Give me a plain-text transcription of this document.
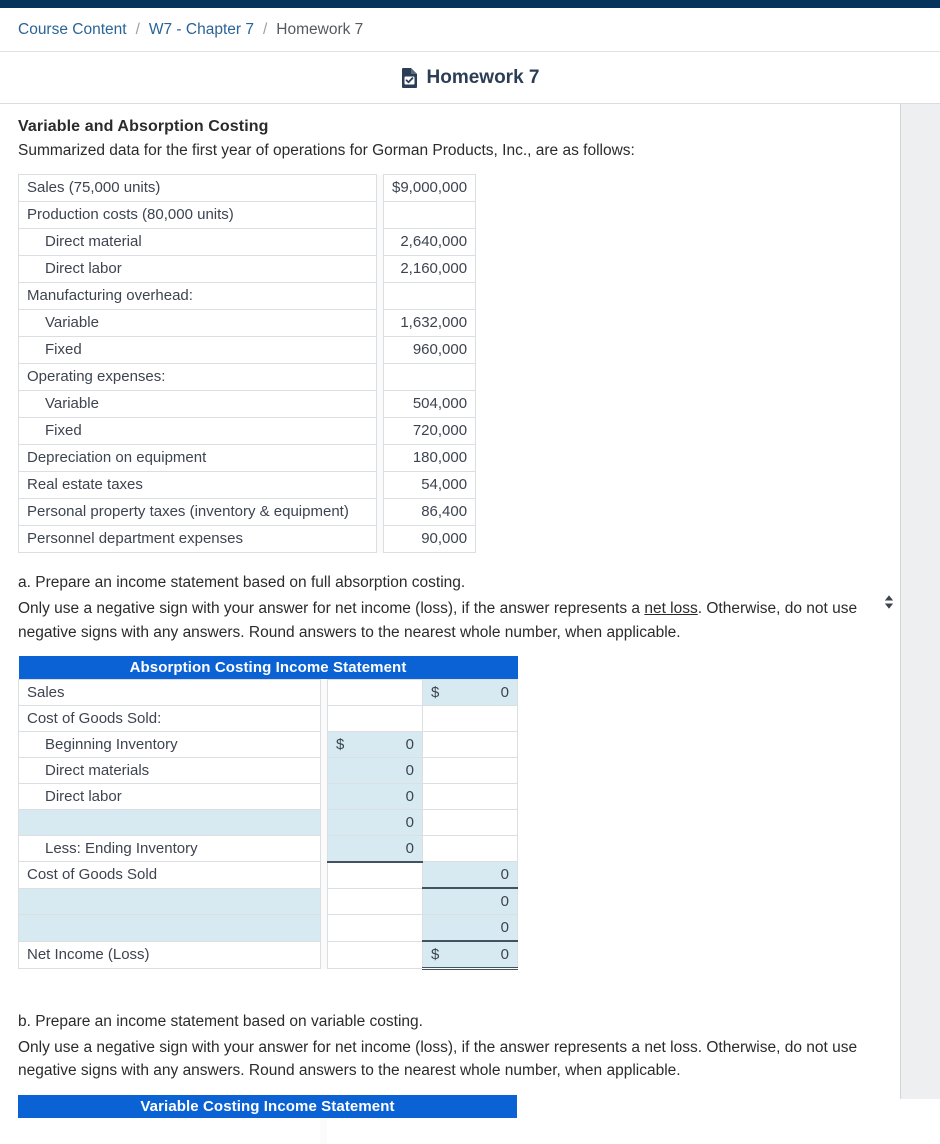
Course Content / W7 - Chapter 7 / Homework 7
Homework 7
Variable and Absorption Costing

Summarized data for the first year of operations for Gorman Products, Inc., are as follows:

Sales (75,000 units)		$9,000,000
Production costs (80,000 units)		
Direct material		2,640,000
Direct labor		2,160,000
Manufacturing overhead:		
Variable		1,632,000
Fixed		960,000
Operating expenses:		
Variable		504,000
Fixed		720,000
Depreciation on equipment		180,000
Real estate taxes		54,000
Personal property taxes (inventory & equipment)		86,400
Personnel department expenses		90,000

a. Prepare an income statement based on full absorption costing.

Only use a negative sign with your answer for net income (loss), if the answer represents a net loss. Otherwise, do not use negative signs with any answers. Round answers to the nearest whole number, when applicable.

Absorption Costing Income Statement			
Sales			$ 0
Cost of Goods Sold:			
Beginning Inventory		$ 0	
Direct materials		0	
Direct labor		0	

		0	
Less: Ending Inventory		0	
Cost of Goods Sold			0

			0

			0
Net Income (Loss)			$ 0

b. Prepare an income statement based on variable costing.

Only use a negative sign with your answer for net income (loss), if the answer represents a net loss. Otherwise, do not use negative signs with any answers. Round answers to the nearest whole number, when applicable.

Variable Costing Income Statement
